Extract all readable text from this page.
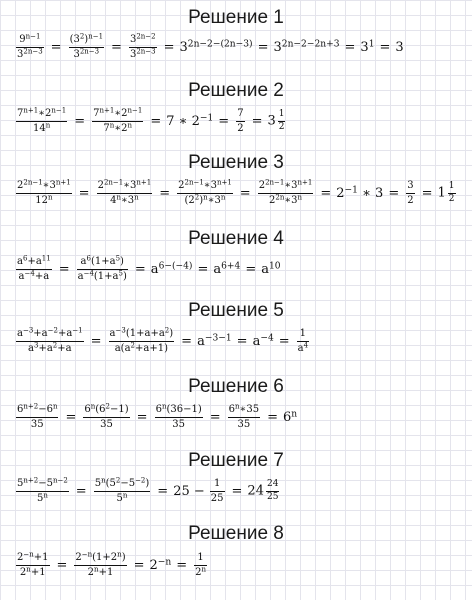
Решение 1
$\frac{9^{n-1}}{3^{2n-3}} = \frac{(3^2)^{n-1}}{3^{2n-3}} = \frac{3^{2n-2}}{3^{2n-3}} = 3^{2n-2-(2n-3)} = 3^{2n-2-2n+3} = 3^1 = 3$
Решение 2
$\frac{7^{n+1}∗2^{n-1}}{14^n} = \frac{7^{n+1}∗2^{n-1}}{7^n∗2^n} = 7$ ∗ $2^{-1} = \frac{7}{2} = 3 \frac{1}{2}$
Решение 3
$\frac{2^{2n-1}∗3^{n+1}}{12^n} = \frac{2^{2n-1}∗3^{n+1}}{4^n∗3^n} = \frac{2^{2n-1}∗3^{n+1}}{(2^2)^n∗3^n} = \frac{2^{2n-1}∗3^{n+1}}{2^{2n}∗3^n} = 2^{-1}$ ∗ $3 = \frac{3}{2} = 1 \frac{1}{2}$
Решение 4
$\frac{a^6+a^{11}}{a^{-4}+a} = \frac{a^6(1+a^5)}{a^{-4}(1+a^5)} = a^{6-(-4)} = a^{6+4} = a^{10}$
Решение 5
$\frac{a^{-3}+a^{-2}+a^{-1}}{a^3+a^2+a} = \frac{a^{-3}(1+a+a^2)}{a(a^2+a+1)} = a^{-3-1} = a^{-4} = \frac{1}{a^4}$
Решение 6
$\frac{6^{n+2}-6^n}{35} = \frac{6^n(6^2-1)}{35} = \frac{6^n(36-1)}{35} = \frac{6^n∗35}{35} = 6^n$
Решение 7
$\frac{5^{n+2}-5^{n-2}}{5^n} = \frac{5^n(5^2-5^{-2})}{5^n} = 25 - \frac{1}{25} = 24 \frac{24}{25}$
Решение 8
$\frac{2^{-n}+1}{2^n+1} = \frac{2^{-n}(1+2^n)}{2^n+1} = 2^{-n} = \frac{1}{2^n}$
